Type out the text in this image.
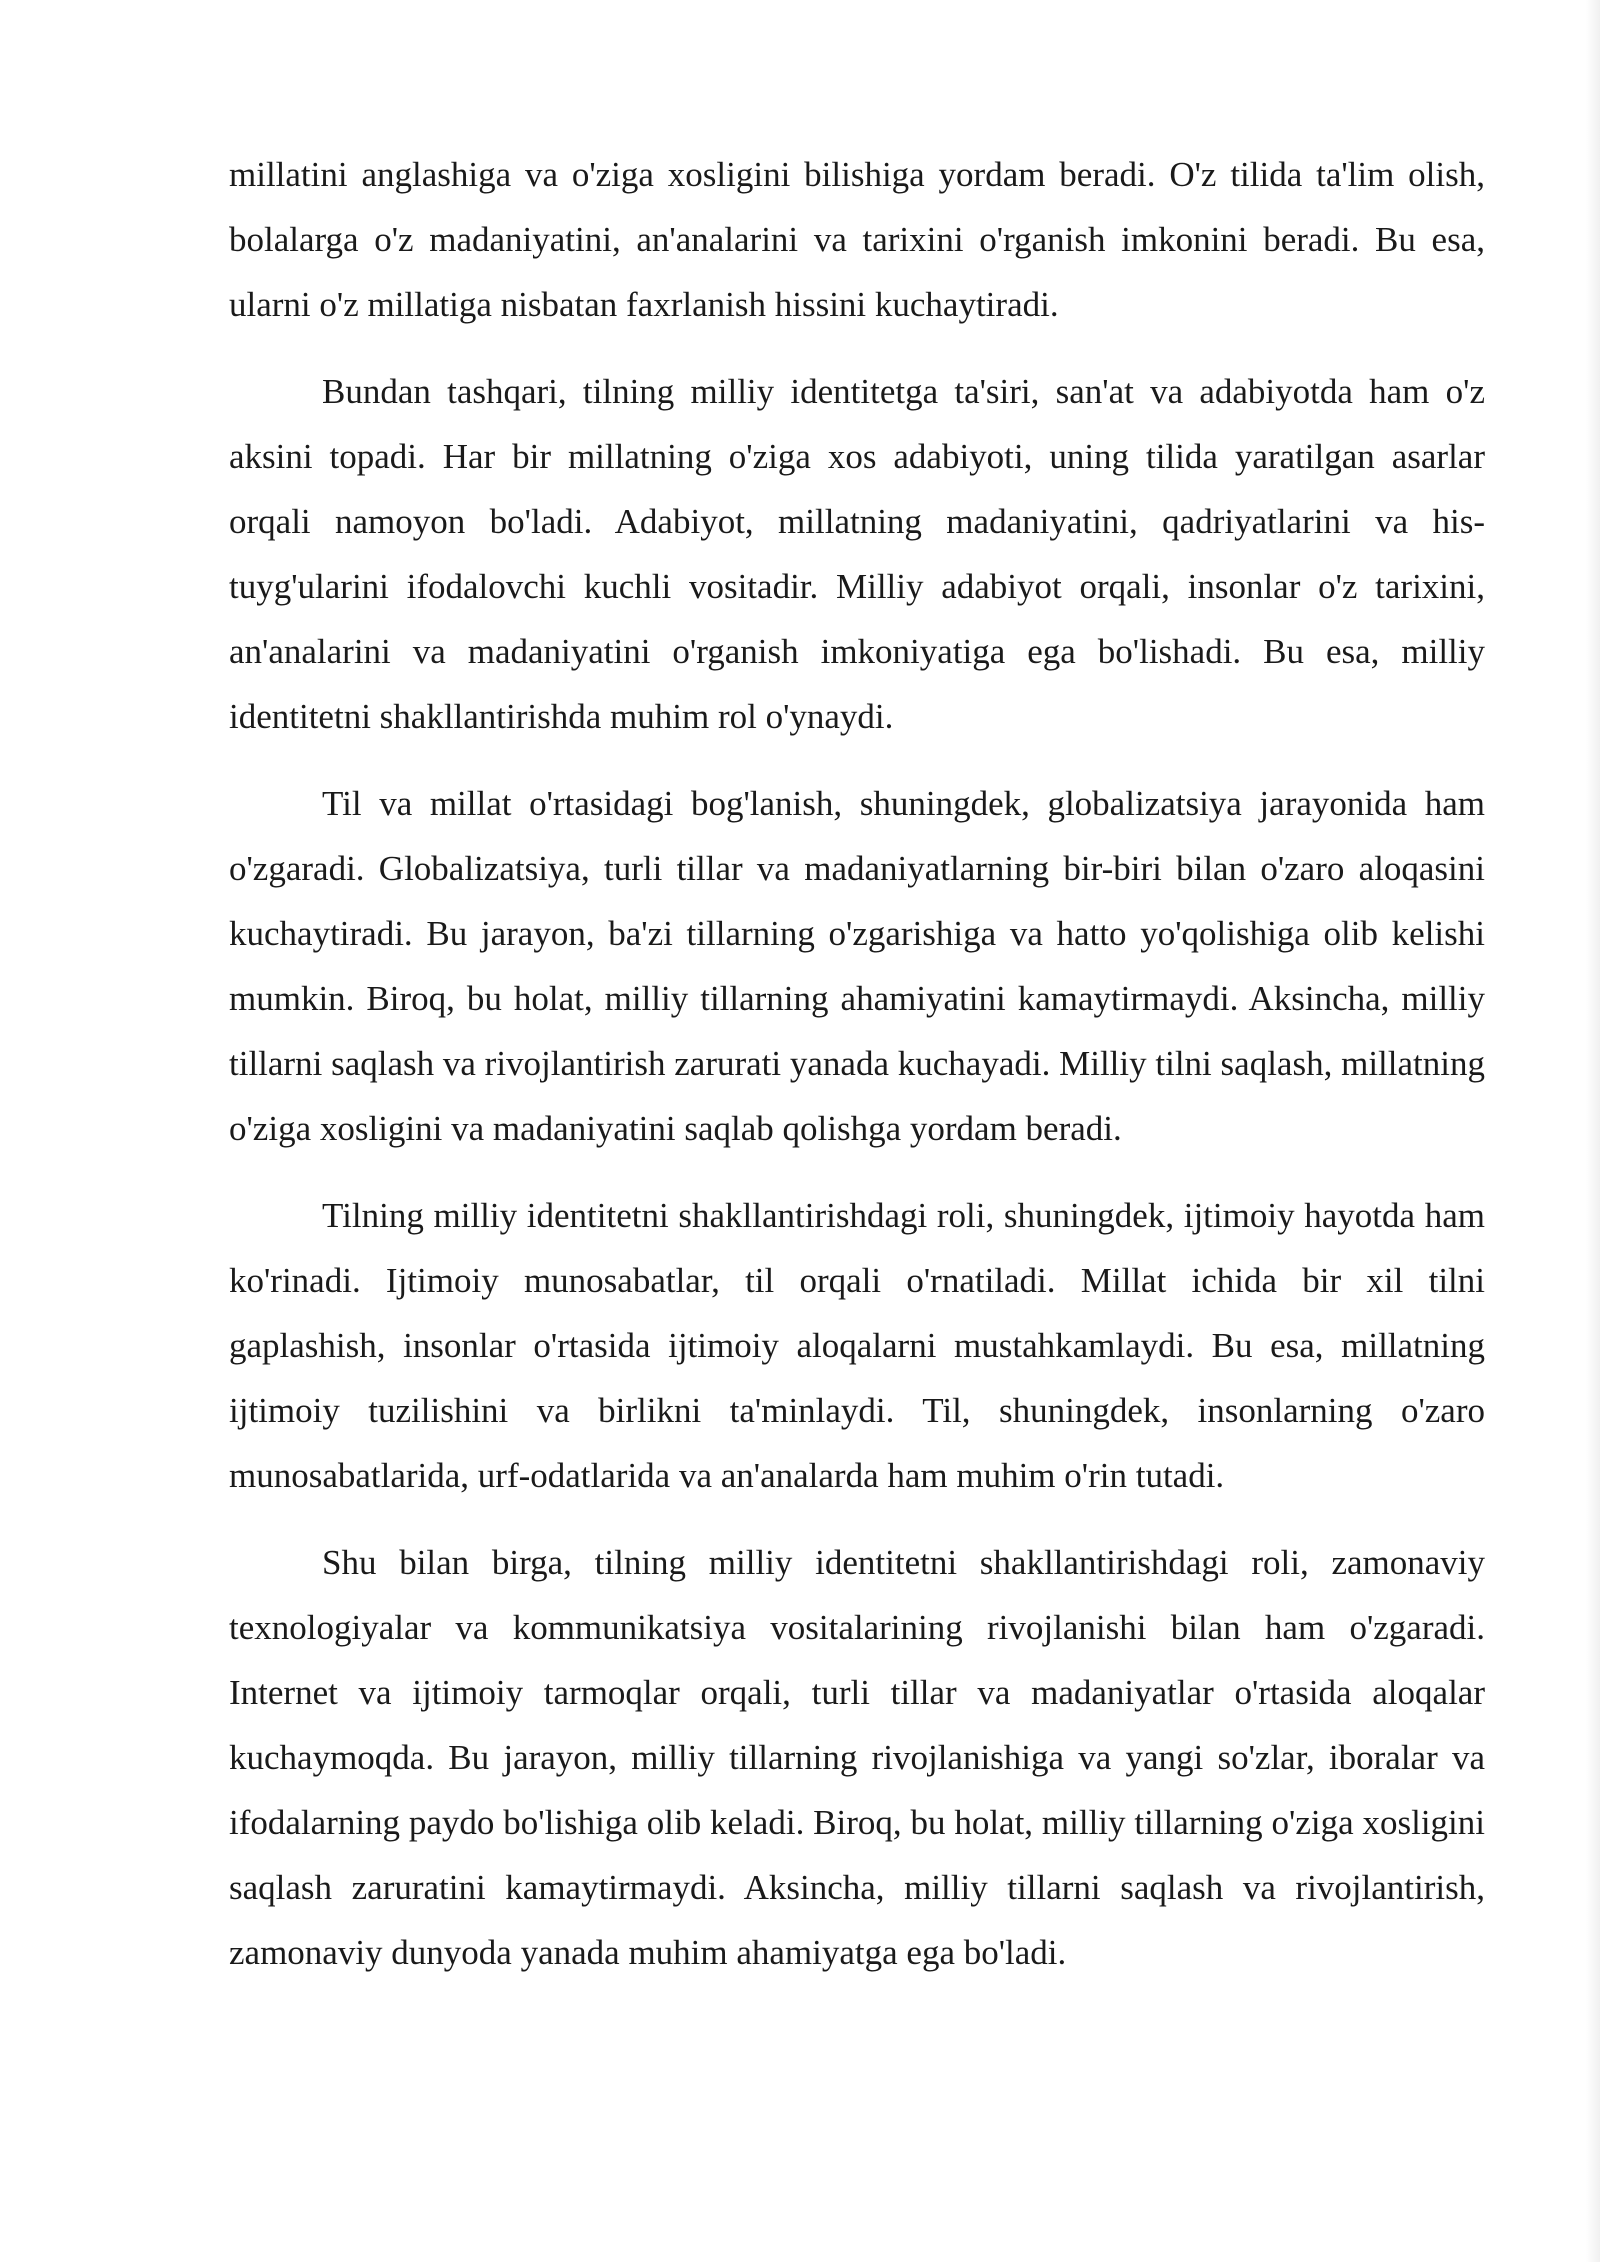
millatini anglashiga va o'ziga xosligini bilishiga yordam beradi. O'z tilida ta'lim olish, bolalarga o'z madaniyatini, an'analarini va tarixini o'rganish imkonini beradi. Bu esa, ularni o'z millatiga nisbatan faxrlanish hissini kuchaytiradi.

Bundan tashqari, tilning milliy identitetga ta'siri, san'at va adabiyotda ham o'z aksini topadi. Har bir millatning o'ziga xos adabiyoti, uning tilida yaratilgan asarlar orqali namoyon bo'ladi. Adabiyot, millatning madaniyatini, qadriyatlarini va his-tuyg'ularini ifodalovchi kuchli vositadir. Milliy adabiyot orqali, insonlar o'z tarixini, an'analarini va madaniyatini o'rganish imkoniyatiga ega bo'lishadi. Bu esa, milliy identitetni shakllantirishda muhim rol o'ynaydi.

Til va millat o'rtasidagi bog'lanish, shuningdek, globalizatsiya jarayonida ham o'zgaradi. Globalizatsiya, turli tillar va madaniyatlarning bir-biri bilan o'zaro aloqasini kuchaytiradi. Bu jarayon, ba'zi tillarning o'zgarishiga va hatto yo'qolishiga olib kelishi mumkin. Biroq, bu holat, milliy tillarning ahamiyatini kamaytirmaydi. Aksincha, milliy tillarni saqlash va rivojlantirish zarurati yanada kuchayadi. Milliy tilni saqlash, millatning o'ziga xosligini va madaniyatini saqlab qolishga yordam beradi.

Tilning milliy identitetni shakllantirishdagi roli, shuningdek, ijtimoiy hayotda ham ko'rinadi. Ijtimoiy munosabatlar, til orqali o'rnatiladi. Millat ichida bir xil tilni gaplashish, insonlar o'rtasida ijtimoiy aloqalarni mustahkamlaydi. Bu esa, millatning ijtimoiy tuzilishini va birlikni ta'minlaydi. Til, shuningdek, insonlarning o'zaro munosabatlarida, urf-odatlarida va an'analarda ham muhim o'rin tutadi.

Shu bilan birga, tilning milliy identitetni shakllantirishdagi roli, zamonaviy texnologiyalar va kommunikatsiya vositalarining rivojlanishi bilan ham o'zgaradi. Internet va ijtimoiy tarmoqlar orqali, turli tillar va madaniyatlar o'rtasida aloqalar kuchaymoqda. Bu jarayon, milliy tillarning rivojlanishiga va yangi so'zlar, iboralar va ifodalarning paydo bo'lishiga olib keladi. Biroq, bu holat, milliy tillarning o'ziga xosligini saqlash zaruratini kamaytirmaydi. Aksincha, milliy tillarni saqlash va rivojlantirish, zamonaviy dunyoda yanada muhim ahamiyatga ega bo'ladi.
